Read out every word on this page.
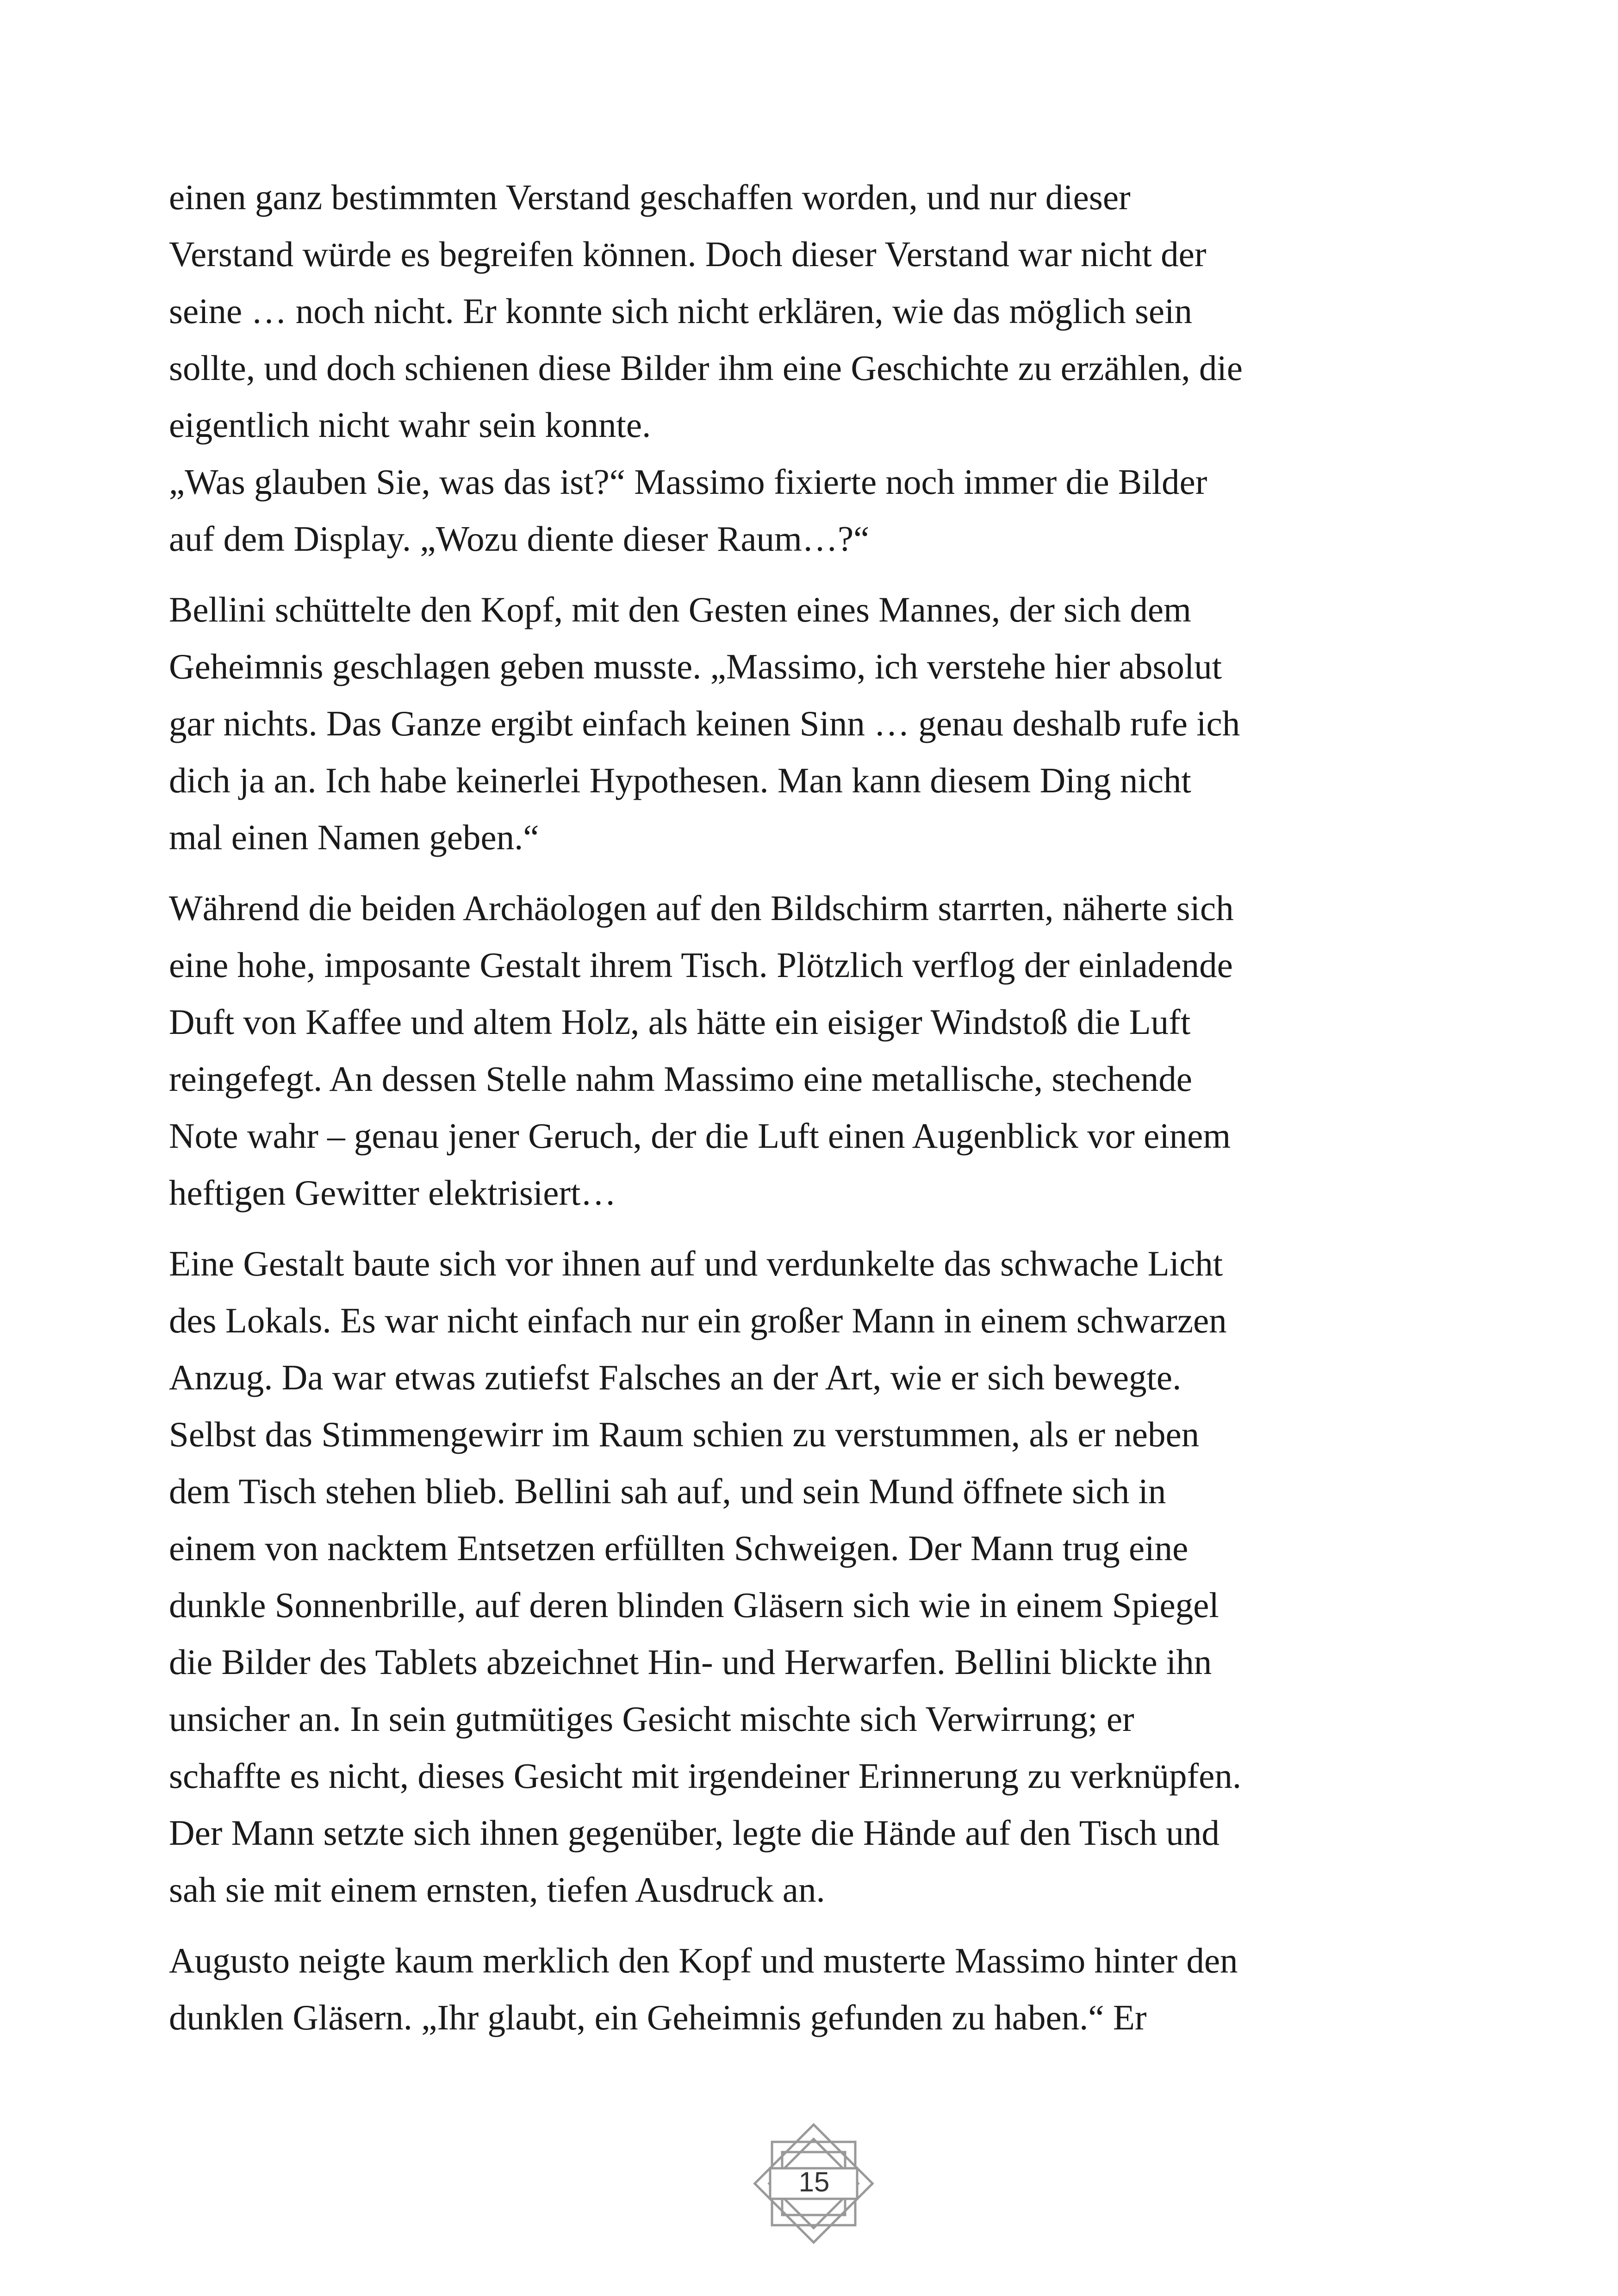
einen ganz bestimmten Verstand geschaffen worden, und nur dieser
Verstand würde es begreifen können. Doch dieser Verstand war nicht der
seine … noch nicht. Er konnte sich nicht erklären, wie das möglich sein
sollte, und doch schienen diese Bilder ihm eine Geschichte zu erzählen, die
eigentlich nicht wahr sein konnte.
„Was glauben Sie, was das ist?“ Massimo fixierte noch immer die Bilder
auf dem Display. „Wozu diente dieser Raum…?“
Bellini schüttelte den Kopf, mit den Gesten eines Mannes, der sich dem
Geheimnis geschlagen geben musste. „Massimo, ich verstehe hier absolut
gar nichts. Das Ganze ergibt einfach keinen Sinn … genau deshalb rufe ich
dich ja an. Ich habe keinerlei Hypothesen. Man kann diesem Ding nicht
mal einen Namen geben.“
Während die beiden Archäologen auf den Bildschirm starrten, näherte sich
eine hohe, imposante Gestalt ihrem Tisch. Plötzlich verflog der einladende
Duft von Kaffee und altem Holz, als hätte ein eisiger Windstoß die Luft
reingefegt. An dessen Stelle nahm Massimo eine metallische, stechende
Note wahr – genau jener Geruch, der die Luft einen Augenblick vor einem
heftigen Gewitter elektrisiert…
Eine Gestalt baute sich vor ihnen auf und verdunkelte das schwache Licht
des Lokals. Es war nicht einfach nur ein großer Mann in einem schwarzen
Anzug. Da war etwas zutiefst Falsches an der Art, wie er sich bewegte.
Selbst das Stimmengewirr im Raum schien zu verstummen, als er neben
dem Tisch stehen blieb. Bellini sah auf, und sein Mund öffnete sich in
einem von nacktem Entsetzen erfüllten Schweigen. Der Mann trug eine
dunkle Sonnenbrille, auf deren blinden Gläsern sich wie in einem Spiegel
die Bilder des Tablets abzeichnet Hin- und Herwarfen. Bellini blickte ihn
unsicher an. In sein gutmütiges Gesicht mischte sich Verwirrung; er
schaffte es nicht, dieses Gesicht mit irgendeiner Erinnerung zu verknüpfen.
Der Mann setzte sich ihnen gegenüber, legte die Hände auf den Tisch und
sah sie mit einem ernsten, tiefen Ausdruck an.
Augusto neigte kaum merklich den Kopf und musterte Massimo hinter den
dunklen Gläsern. „Ihr glaubt, ein Geheimnis gefunden zu haben.“ Er
15
